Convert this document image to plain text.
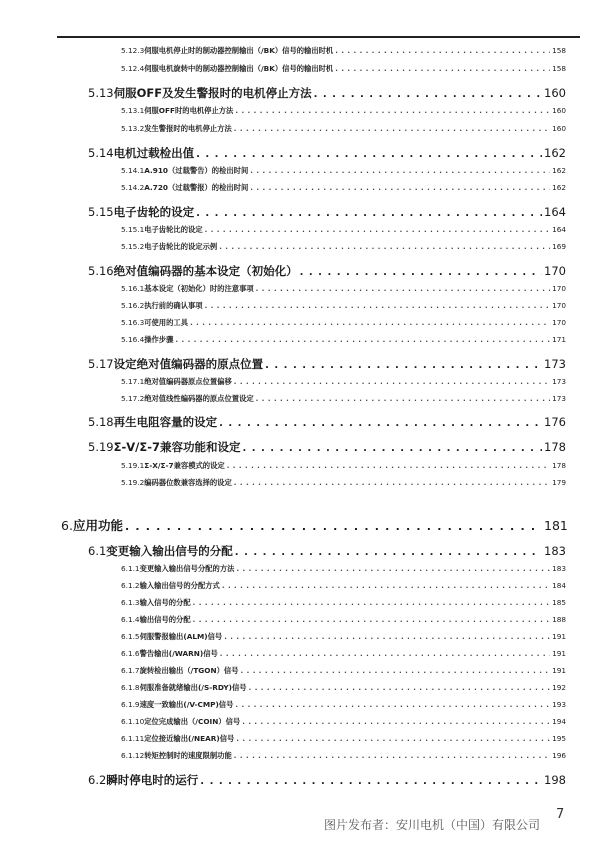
5.12.3 伺服电机停止时的制动器控制输出（/BK）信号的输出时机 . . .	158
5.12.4 伺服电机旋转中的制动器控制输出（/BK）信号的输出时机 . . .	158
5.13 伺服OFF及发生警报时的电机停止方法 . . .	160
5.13.1 伺服OFF时的电机停止方法 . . .	160
5.13.2 发生警报时的电机停止方法 . . .	160
5.14 电机过载检出值 . . .	162
5.14.1 A.910（过载警告）的检出时间 . . .	162
5.14.2 A.720（过载警报）的检出时间 . . .	162
5.15 电子齿轮的设定 . . .	164
5.15.1 电子齿轮比的设定 . . .	164
5.15.2 电子齿轮比的设定示例 . . .	169
5.16 绝对值编码器的基本设定（初始化） . . .	170
5.16.1 基本设定（初始化）时的注意事项 . . .	170
5.16.2 执行前的确认事项 . . .	170
5.16.3 可使用的工具 . . .	170
5.16.4 操作步骤 . . .	171
5.17 设定绝对值编码器的原点位置 . . .	173
5.17.1 绝对值编码器原点位置偏移 . . .	173
5.17.2 绝对值线性编码器的原点位置设定 . . .	173
5.18 再生电阻容量的设定 . . .	176
5.19 Σ-V/Σ-7兼容功能和设定 . . .	178
5.19.1 Σ-X/Σ-7兼容模式的设定 . . .	178
5.19.2 编码器位数兼容选择的设定 . . .	179
6. 应用功能 . . .	181
6.1 变更输入输出信号的分配 . . .	183
6.1.1 变更输入输出信号分配的方法 . . .	183
6.1.2 输入输出信号的分配方式 . . .	184
6.1.3 输入信号的分配 . . .	185
6.1.4 输出信号的分配 . . .	188
6.1.5 伺服警报输出(ALM)信号 . . .	191
6.1.6 警告输出(/WARN)信号 . . .	191
6.1.7 旋转检出输出（/TGON）信号 . . .	191
6.1.8 伺服准备就绪输出(/S-RDY)信号 . . .	192
6.1.9 速度一致输出(/V-CMP)信号 . . .	193
6.1.10 定位完成输出（/COIN）信号 . . .	194
6.1.11 定位接近输出(/NEAR)信号 . . .	195
6.1.12 转矩控制时的速度限制功能 . . .	196
6.2 瞬时停电时的运行 . . .	198
7
图片发布者：安川电机（中国）有限公司
